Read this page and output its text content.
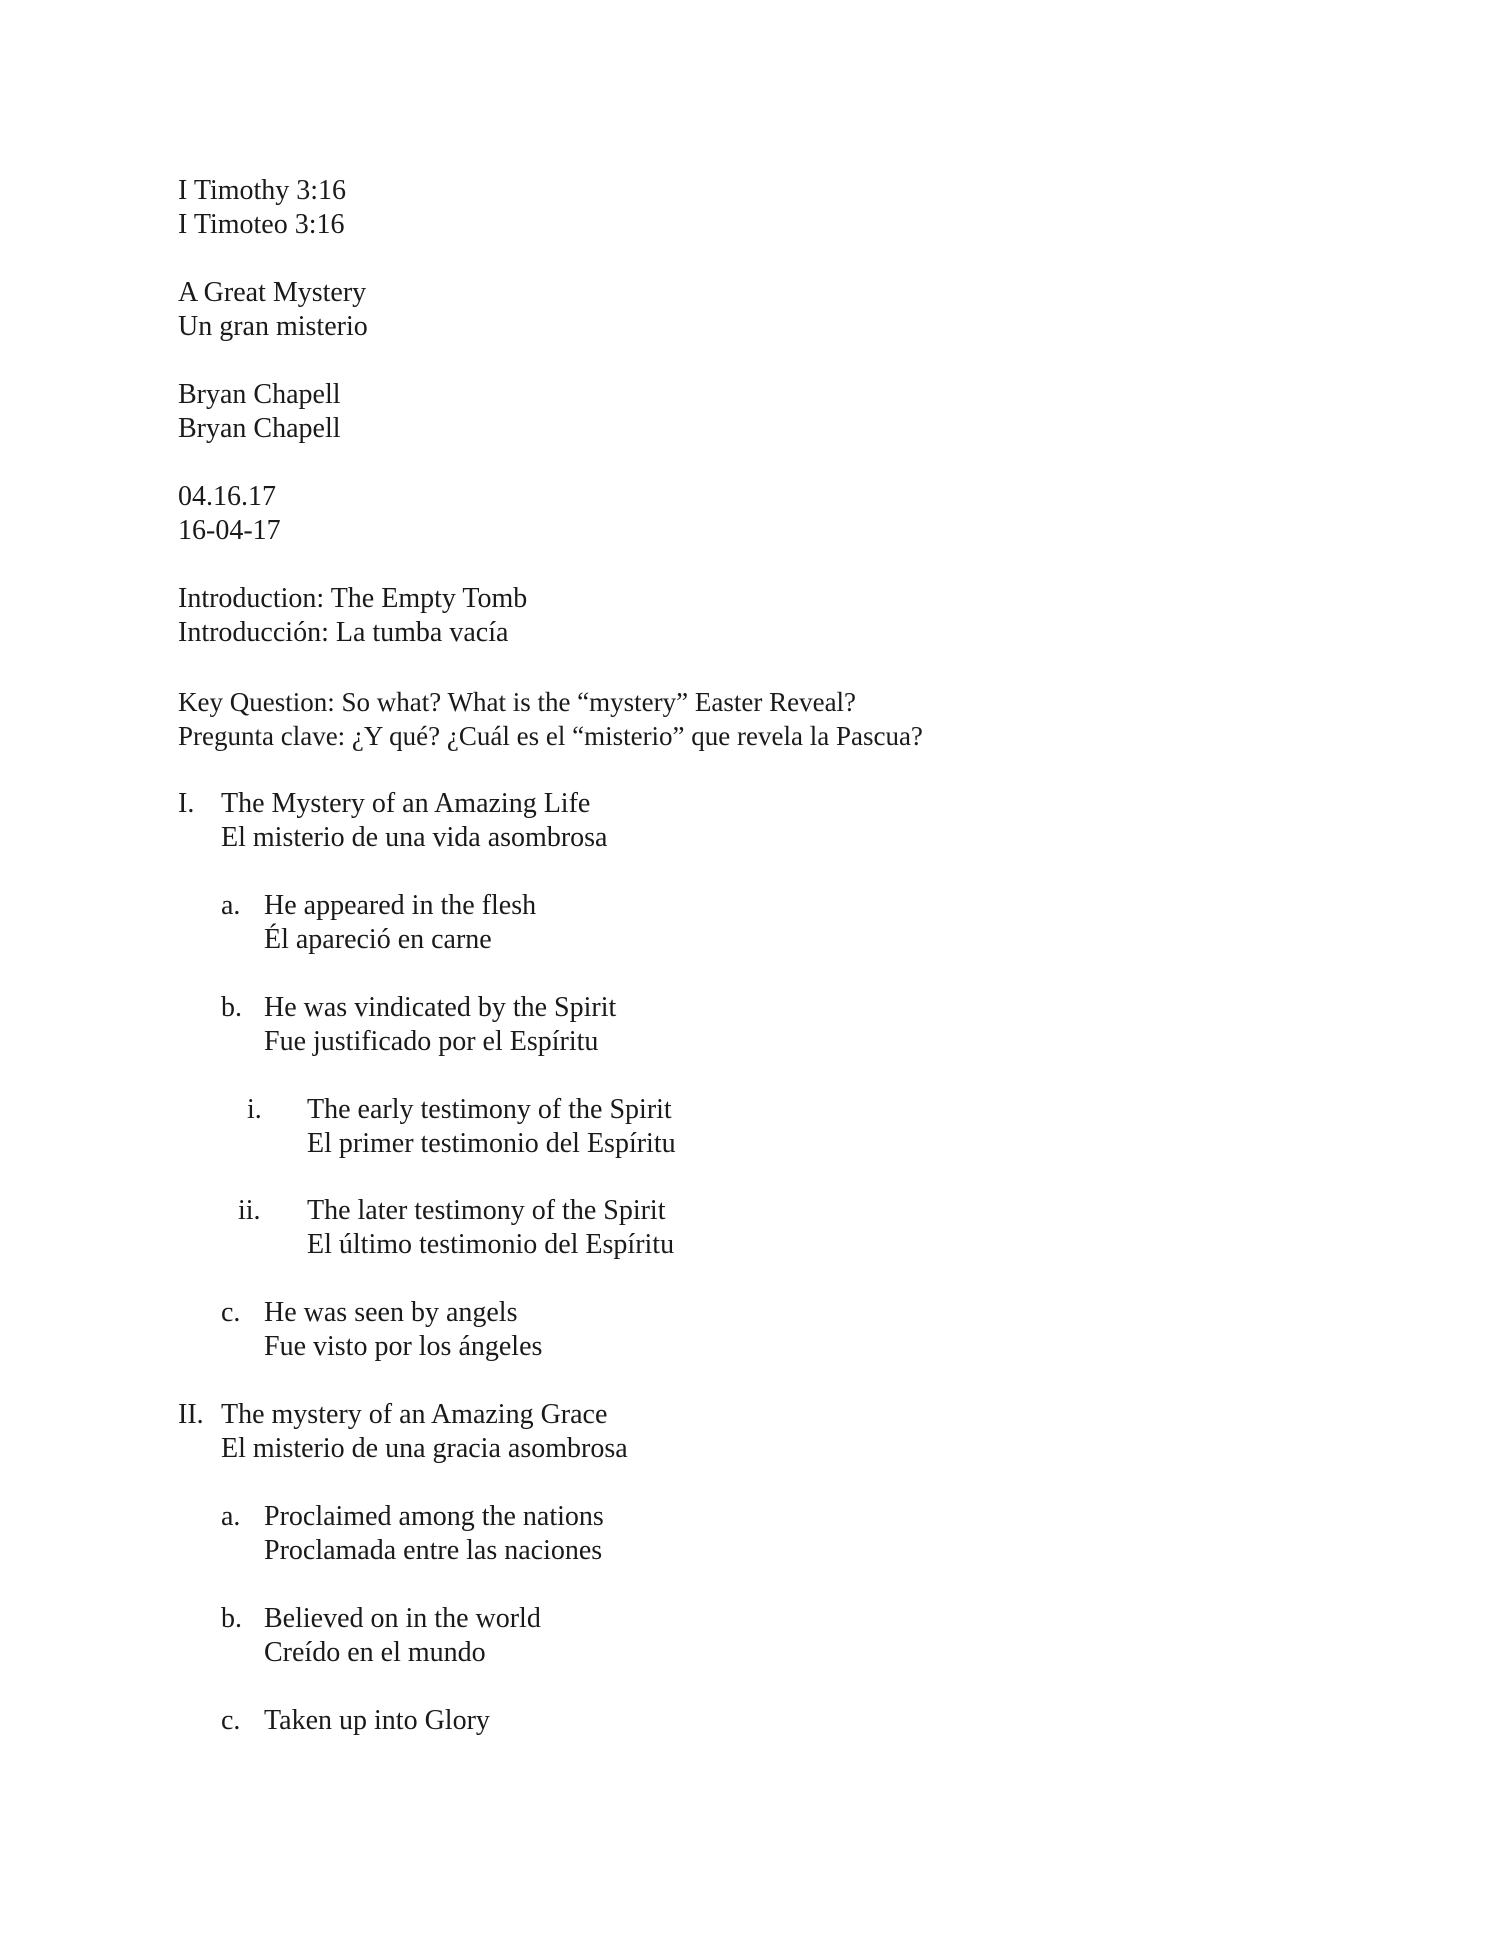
I Timothy 3:16
I Timoteo 3:16
A Great Mystery
Un gran misterio
Bryan Chapell
Bryan Chapell
04.16.17
16-04-17
Introduction: The Empty Tomb
Introducción: La tumba vacía
Key Question: So what? What is the “mystery” Easter Reveal?
Pregunta clave: ¿Y qué? ¿Cuál es el “misterio” que revela la Pascua?
I. The Mystery of an Amazing Life
El misterio de una vida asombrosa
a. He appeared in the flesh
Él apareció en carne
b. He was vindicated by the Spirit
Fue justificado por el Espíritu
i. The early testimony of the Spirit
El primer testimonio del Espíritu
ii. The later testimony of the Spirit
El último testimonio del Espíritu
c. He was seen by angels
Fue visto por los ángeles
II. The mystery of an Amazing Grace
El misterio de una gracia asombrosa
a. Proclaimed among the nations
Proclamada entre las naciones
b. Believed on in the world
Creído en el mundo
c. Taken up into Glory
